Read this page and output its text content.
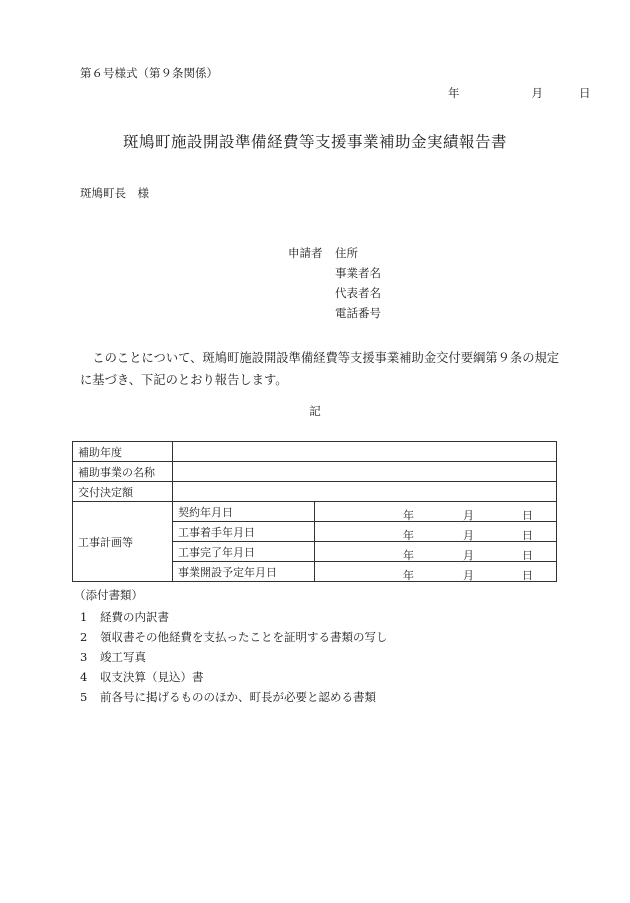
第６号様式（第９条関係）
年	月	日
斑鳩町施設開設準備経費等支援事業補助金実績報告書
斑鳩町長　様
申請者 住所
事業者名
代表者名
電話番号
　このことについて、斑鳩町施設開設準備経費等支援事業補助金交付要綱第９条の規定に基づき、下記のとおり報告します。
記
補助年度		
補助事業の名称		
交付決定額		
工事計画等	契約年月日	年 月 日

	工事着手年月日	年 月 日

	工事完了年月日	年 月 日

	事業開設予定年月日	年 月 日
（添付書類）
1 経費の内訳書
2 領収書その他経費を支払ったことを証明する書類の写し
3 竣工写真
4 収支決算（見込）書
5 前各号に掲げるもののほか、町長が必要と認める書類
